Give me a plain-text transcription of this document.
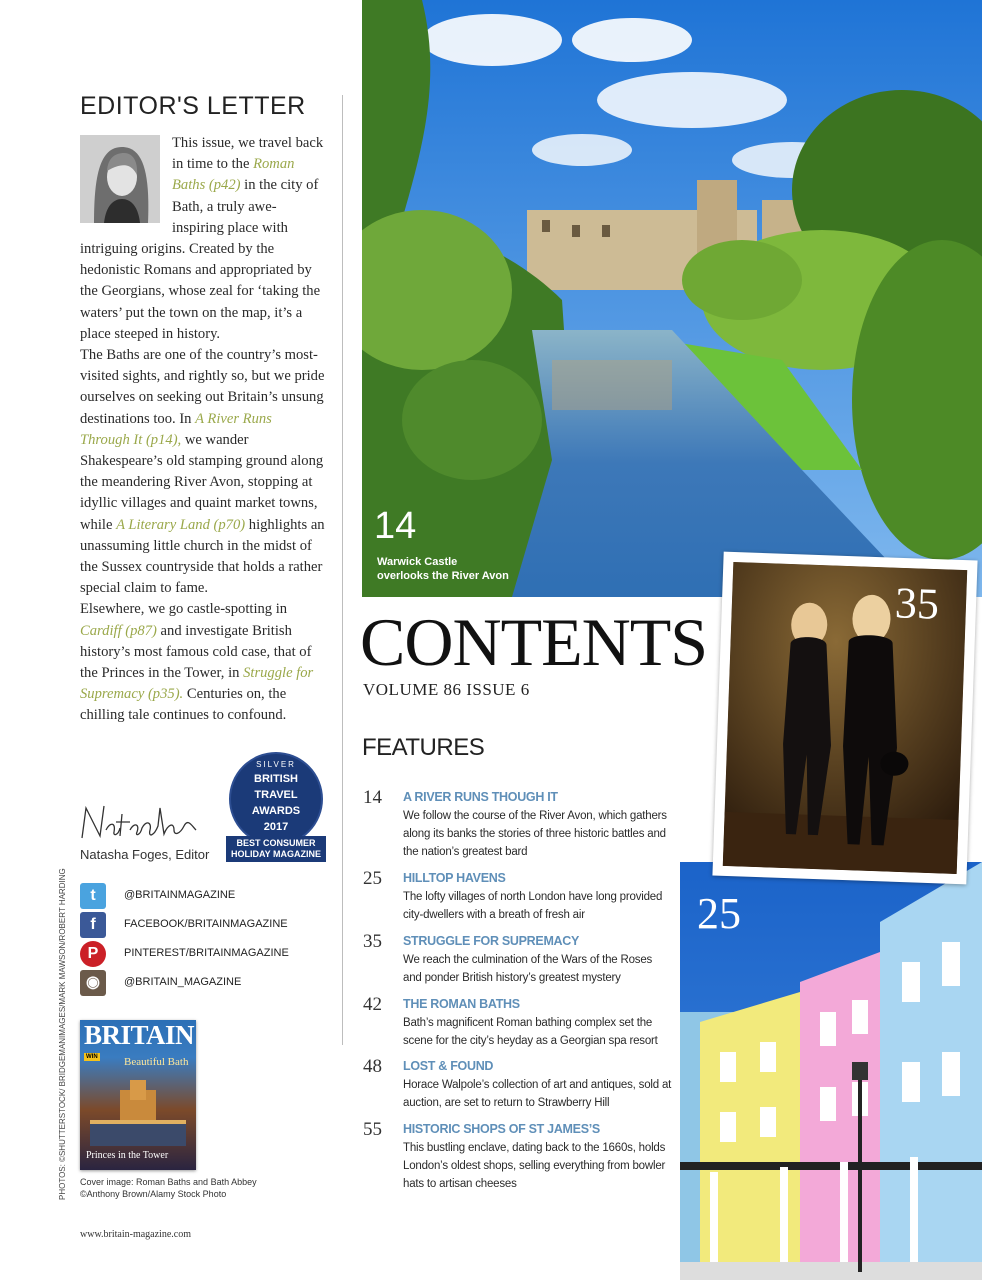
EDITOR'S LETTER

This issue, we travel back in time to the Roman Baths (p42) in the city of Bath, a truly awe-inspiring place with intriguing origins. Created by the hedonistic Romans and appropriated by the Georgians, whose zeal for ‘taking the waters’ put the town on the map, it’s a place steeped in history.

The Baths are one of the country’s most-visited sights, and rightly so, but we pride ourselves on seeking out Britain’s unsung destinations too. In A River Runs Through It (p14), we wander Shakespeare’s old stamping ground along the meandering River Avon, stopping at idyllic villages and quaint market towns, while A Literary Land (p70) highlights an unassuming little church in the midst of the Sussex countryside that holds a rather special claim to fame.

Elsewhere, we go castle-spotting in Cardiff (p87) and investigate British history’s most famous cold case, that of the Princes in the Tower, in Struggle for Supremacy (p35). Centuries on, the chilling tale continues to confound.

Natasha Foges, Editor
SILVER
BRITISH
TRAVEL
AWARDS
2017
BEST CONSUMER
HOLIDAY MAGAZINE
t	@BRITAINMAGAZINE
f	FACEBOOK/BRITAINMAGAZINE
P	PINTEREST/BRITAINMAGAZINE
◉	@BRITAIN_MAGAZINE
PHOTOS: ©SHUTTERSTOCK/ BRIDGEMANIMAGES/MARK MAWSON/ROBERT HARDING BRITAIN
WIN Beautiful Bath
Princes in the Tower
Cover image: Roman Baths and Bath Abbey
©Anthony Brown/Alamy Stock Photo
www.britain-magazine.com
14
Warwick Castle
overlooks the River Avon
CONTENTS
VOLUME 86 ISSUE 6
FEATURES
14 A RIVER RUNS THOUGH IT
We follow the course of the River Avon, which gathers along its banks the stories of three historic battles and the nation’s greatest bard
25 HILLTOP HAVENS
The lofty villages of north London have long provided city-dwellers with a breath of fresh air
35 STRUGGLE FOR SUPREMACY
We reach the culmination of the Wars of the Roses and ponder British history’s greatest mystery
42 THE ROMAN BATHS
Bath’s magnificent Roman bathing complex set the scene for the city’s heyday as a Georgian spa resort
48 LOST & FOUND
Horace Walpole’s collection of art and antiques, sold at auction, are set to return to Strawberry Hill
55 HISTORIC SHOPS OF ST JAMES’S
This bustling enclave, dating back to the 1660s, holds London’s oldest shops, selling everything from bowler hats to artisan cheeses
25
35
